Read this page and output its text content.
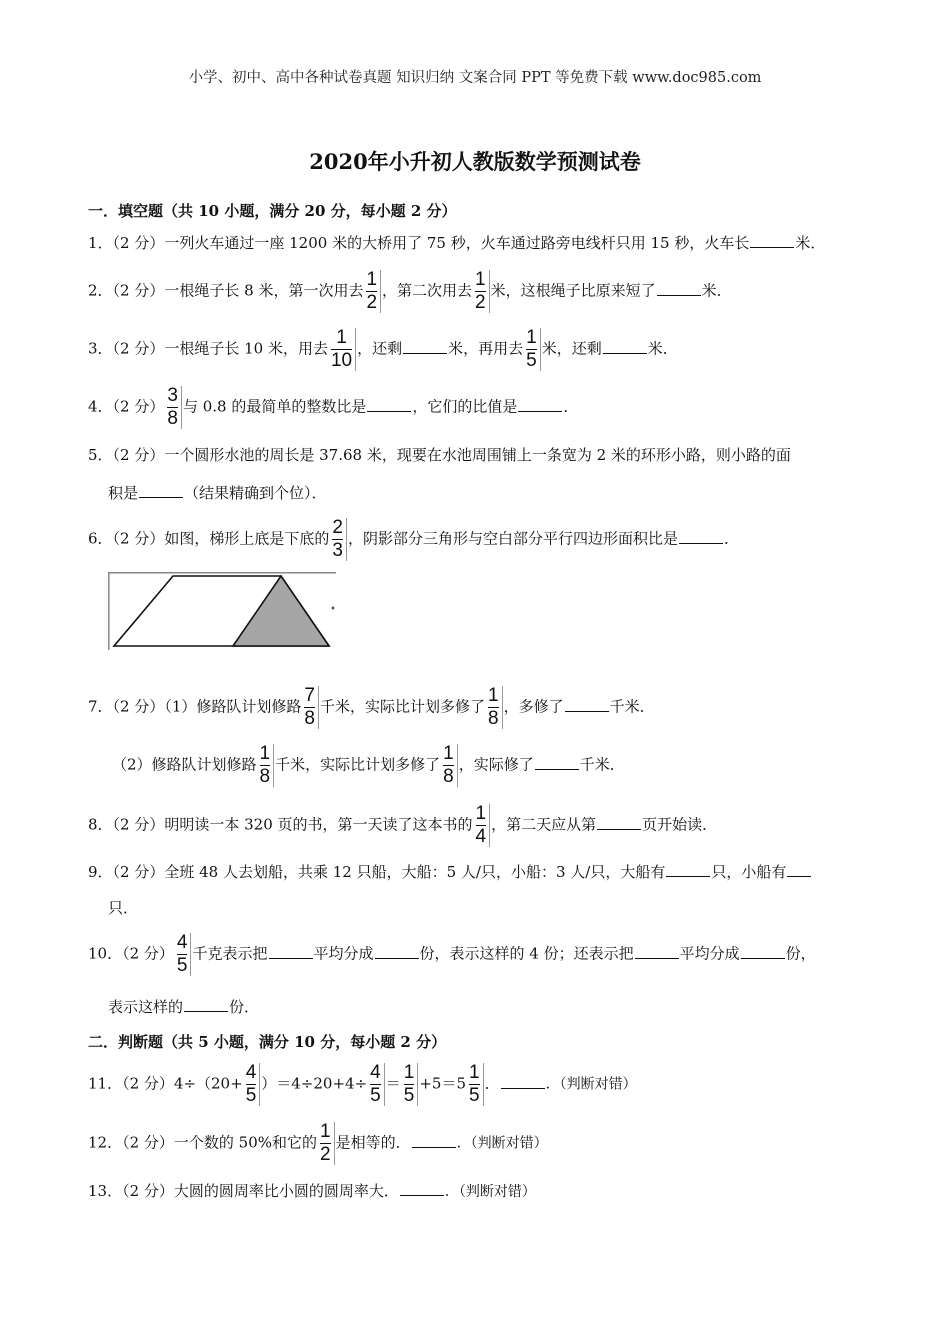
小学、初中、高中各种试卷真题 知识归纳 文案合同 PPT 等免费下载 www.doc985.com
2020年小升初人教版数学预测试卷
一．填空题（共 10 小题，满分 20 分，每小题 2 分）
1．（2 分）一列火车通过一座 1200 米的大桥用了 75 秒，火车通过路旁电线杆只用 15 秒，火车长	米．
2．（2 分）一根绳子长 8 米，第一次用去 $\frac{1}{2}$ ，第二次用去 $\frac{1}{2}$ 米，这根绳子比原来短了	米．
3．（2 分）一根绳子长 10 米，用去 $\frac{1}{10}$ ，还剩	米，再用去 $\frac{1}{5}$ 米，还剩	米．
4．（2 分） $\frac{3}{8}$ 与 0.8 的最简单的整数比是	，它们的比值是	．
5．（2 分）一个圆形水池的周长是 37.68 米，现要在水池周围铺上一条宽为 2 米的环形小路，则小路的面
积是	（结果精确到个位）．
6．（2 分）如图，梯形上底是下底的 $\frac{2}{3}$ ，阴影部分三角形与空白部分平行四边形面积比是	．
7．（2 分）（1）修路队计划修路 $\frac{7}{8}$ 千米，实际比计划多修了 $\frac{1}{8}$ ，多修了	千米．
（2）修路队计划修路 $\frac{1}{8}$ 千米，实际比计划多修了 $\frac{1}{8}$ ，实际修了	千米．
8．（2 分）明明读一本 320 页的书，第一天读了这本书的 $\frac{1}{4}$ ，第二天应从第	页开始读．
9．（2 分）全班 48 人去划船，共乘 12 只船，大船：5 人/只，小船：3 人/只，大船有	只，小船有
只．
10．（2 分） $\frac{4}{5}$ 千克表示把	平均分成	份，表示这样的 4 份；还表示把	平均分成	份，
表示这样的	份．
二．判断题（共 5 小题，满分 10 分，每小题 2 分）
11．（2 分）$4\div(20+ \frac{4}{5} )=4\div 20+4\div \frac{4}{5} = \frac{1}{5} +5=5 \frac{1}{5}$ ．	．（判断对错）
12．（2 分）一个数的 50%和它的 $\frac{1}{2}$ 是相等的．	．（判断对错）
13．（2 分）大圆的圆周率比小圆的圆周率大．	．（判断对错）
